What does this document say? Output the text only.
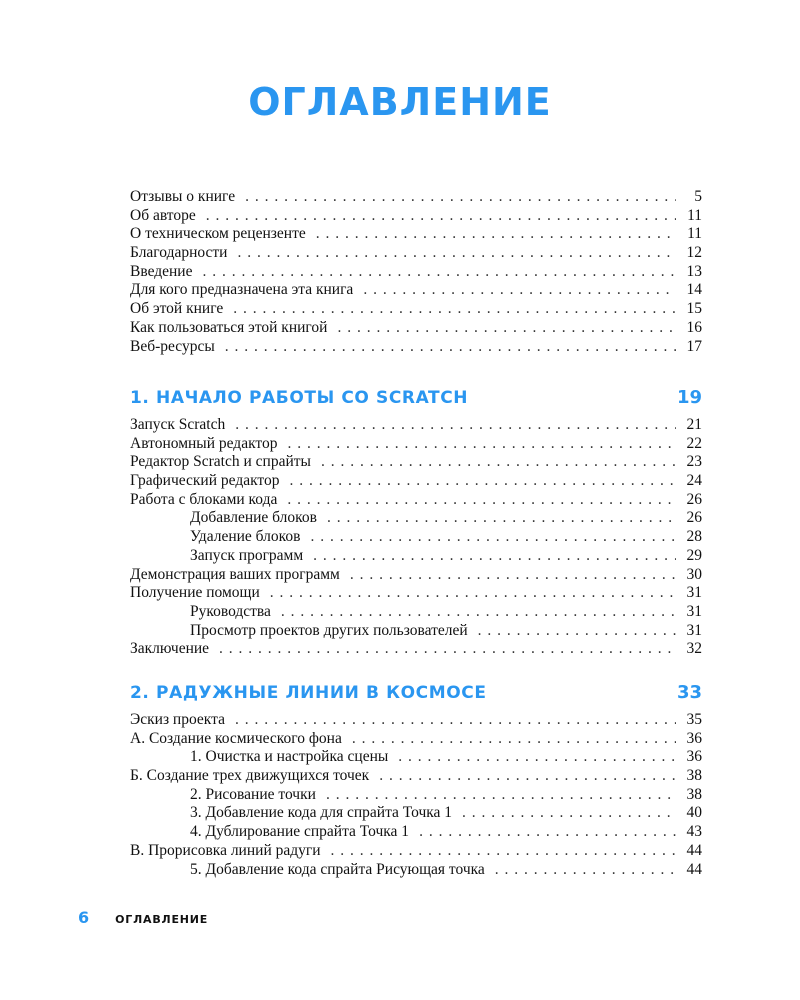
ОГЛАВЛЕНИЕ
Отзывы о книге . . .	5
Об авторе . . .	11
О техническом рецензенте . . .	11
Благодарности . . .	12
Введение . . .	13
Для кого предназначена эта книга . . .	14
Об этой книге . . .	15
Как пользоваться этой книгой . . .	16
Веб-ресурсы . . .	17
1. НАЧАЛО РАБОТЫ СО SCRATCH	19
Запуск Scratch . . .	21
Автономный редактор . . .	22
Редактор Scratch и спрайты . . .	23
Графический редактор . . .	24
Работа с блоками кода . . .	26
Добавление блоков . . .	26
Удаление блоков . . .	28
Запуск программ . . .	29
Демонстрация ваших программ . . .	30
Получение помощи . . .	31
Руководства . . .	31
Просмотр проектов других пользователей . . .	31
Заключение . . .	32
2. РАДУЖНЫЕ ЛИНИИ В КОСМОСЕ	33
Эскиз проекта . . .	35
А. Создание космического фона . . .	36
1. Очистка и настройка сцены . . .	36
Б. Создание трех движущихся точек . . .	38
2. Рисование точки . . .	38
3. Добавление кода для спрайта Точка 1 . . .	40
4. Дублирование спрайта Точка 1 . . .	43
В. Прорисовка линий радуги . . .	44
5. Добавление кода спрайта Рисующая точка . . .	44
6 ОГЛАВЛЕНИЕ
